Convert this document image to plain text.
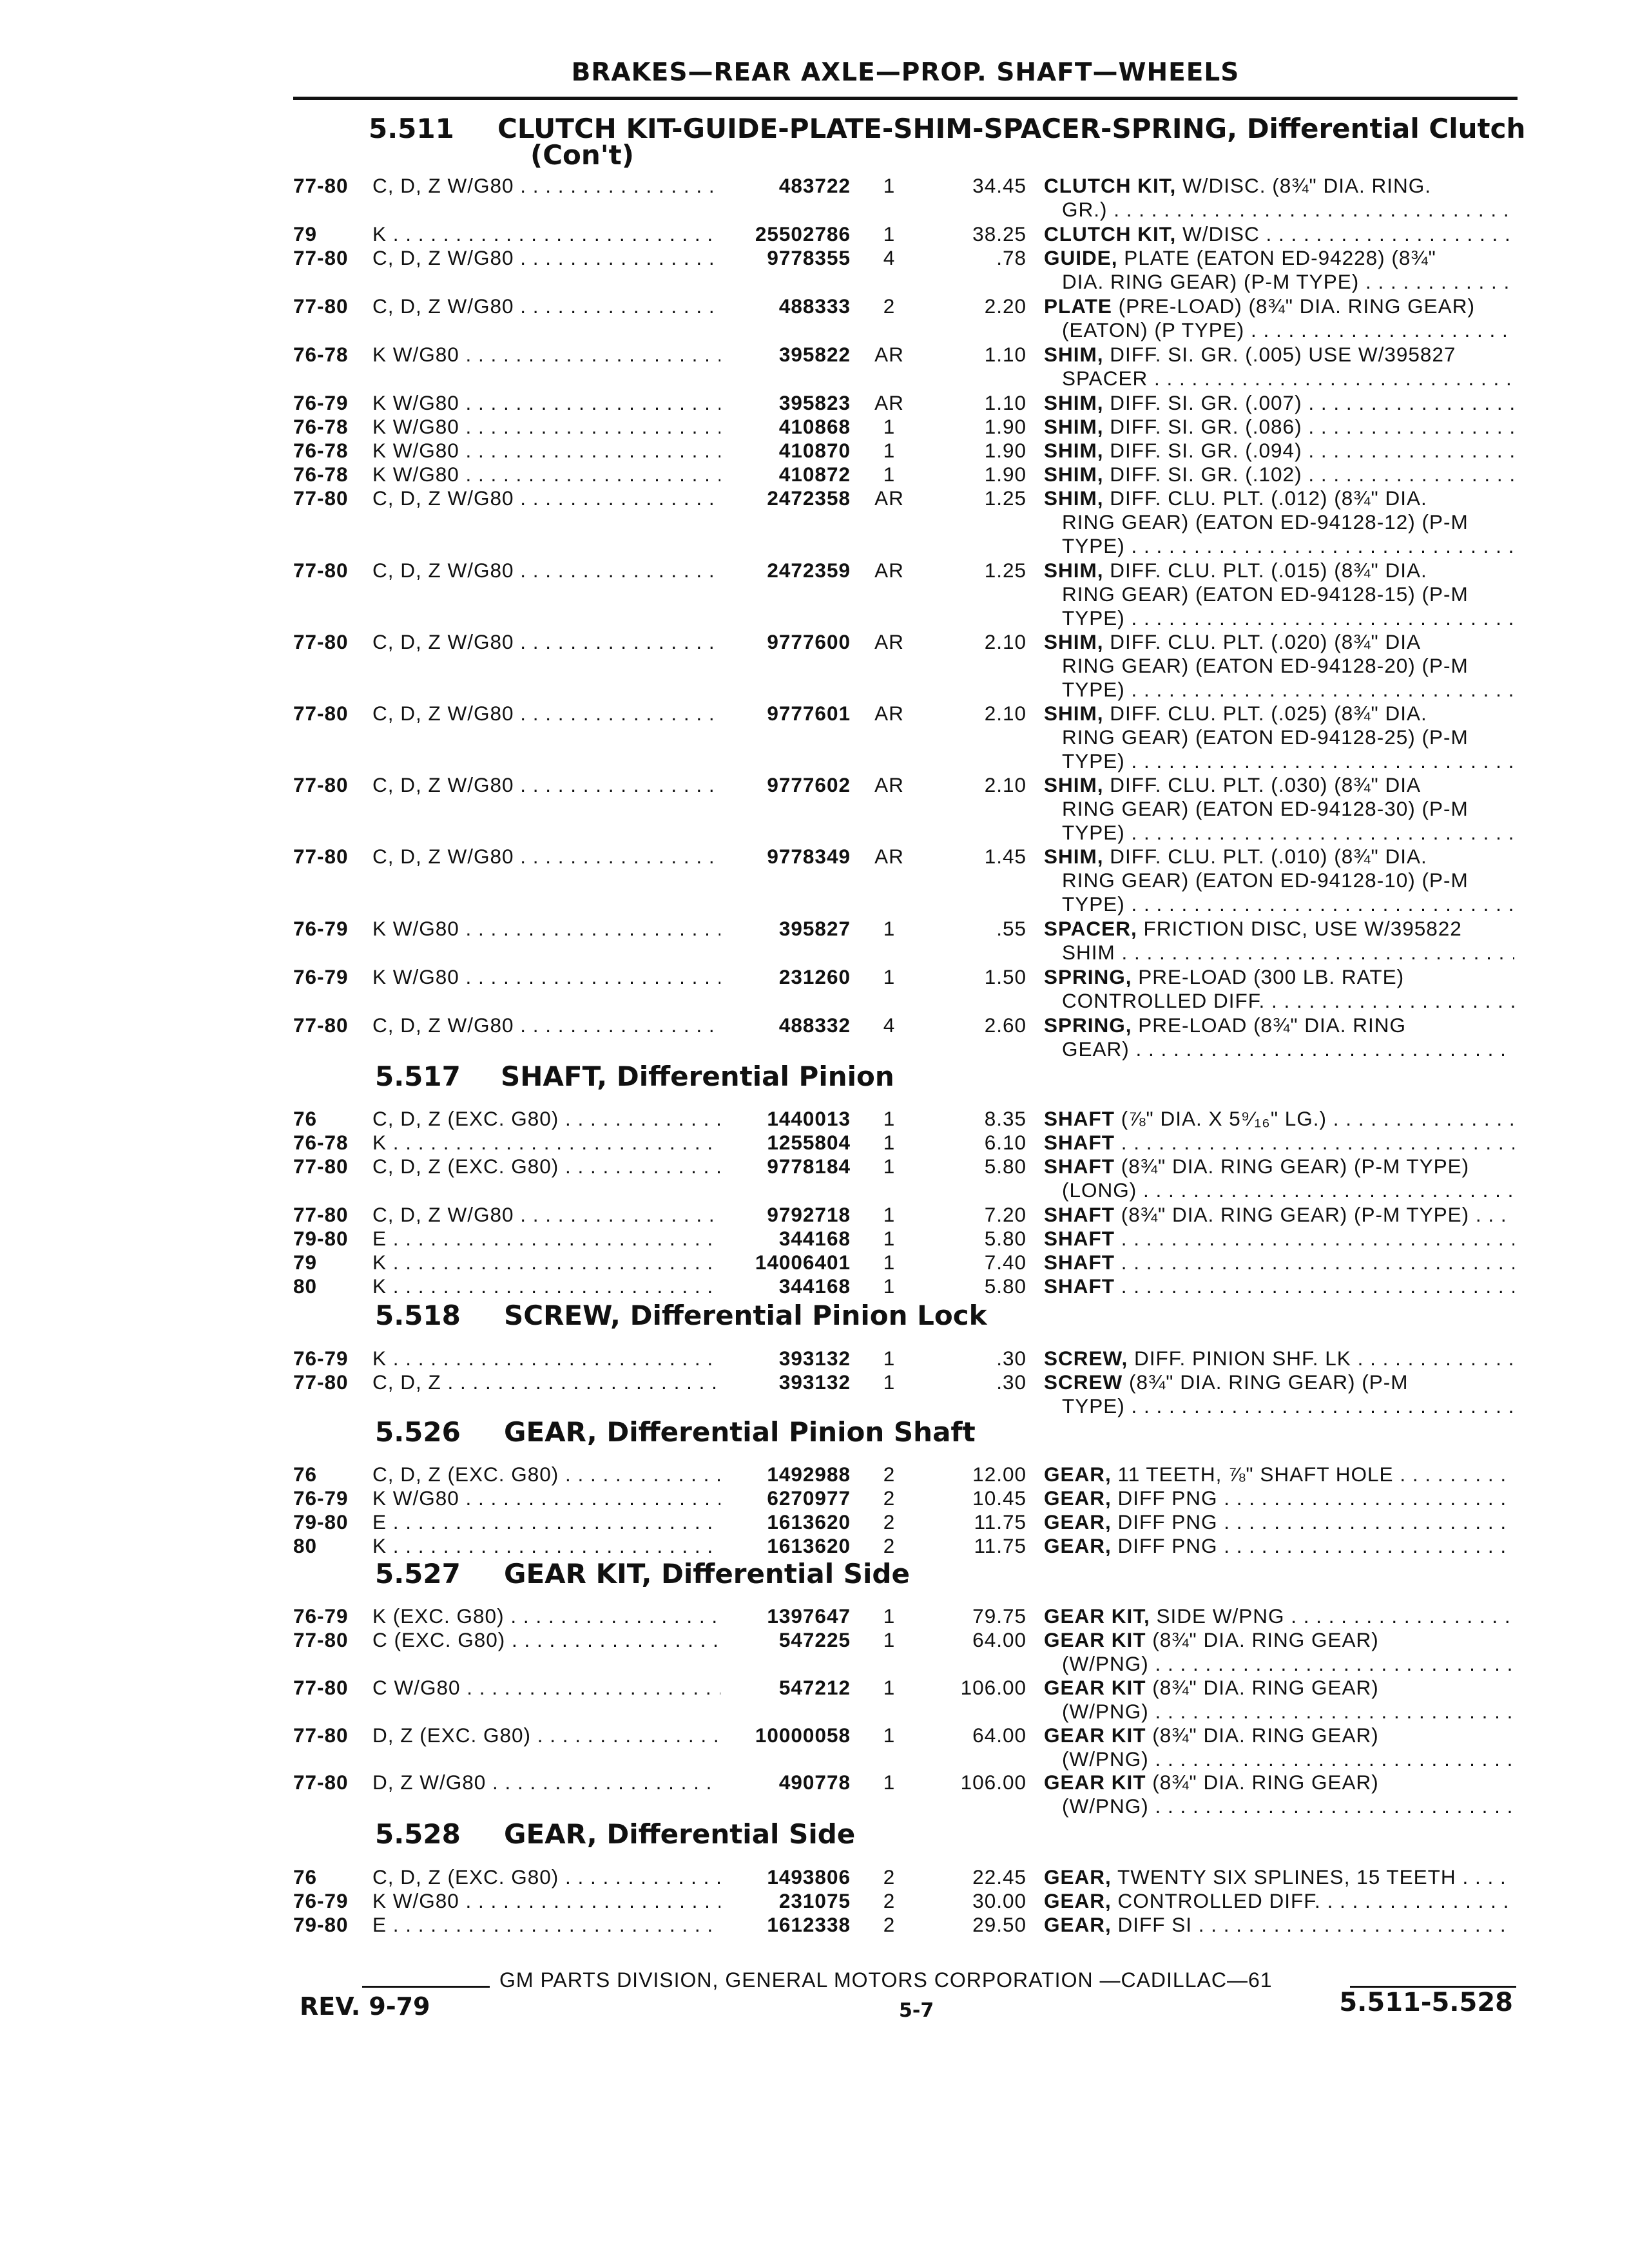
BRAKES—REAR AXLE—PROP. SHAFT—WHEELS
5.511 CLUTCH KIT-GUIDE-PLATE-SHIM-SPACER-SPRING, Differential Clutch
(Con't)
5.517 SHAFT, Differential Pinion
5.518 SCREW, Differential Pinion Lock
5.526 GEAR, Differential Pinion Shaft
5.527 GEAR KIT, Differential Side
5.528 GEAR, Differential Side
77-80 C, D, Z W/G80 . . .	483722	1	34.45 CLUTCH KIT, W/DISC. (8¾" DIA. RING.
GR.) . . .
79	K . . .	25502786	1	38.25 CLUTCH KIT, W/DISC . . .
77-80 C, D, Z W/G80 . . .	9778355	4	.78 GUIDE, PLATE (EATON ED-94228) (8¾"
DIA. RING GEAR) (P-M TYPE) . . .
77-80 C, D, Z W/G80 . . .	488333	2	2.20 PLATE (PRE-LOAD) (8¾" DIA. RING GEAR)
(EATON) (P TYPE) . . .
76-78 K W/G80 . . .	395822	AR	1.10 SHIM, DIFF. SI. GR. (.005) USE W/395827
SPACER . . .
76-79 K W/G80 . . .	395823	AR	1.10 SHIM, DIFF. SI. GR. (.007) . . .
76-78 K W/G80 . . .	410868	1	1.90 SHIM, DIFF. SI. GR. (.086) . . .
76-78 K W/G80 . . .	410870	1	1.90 SHIM, DIFF. SI. GR. (.094) . . .
76-78 K W/G80 . . .	410872	1	1.90 SHIM, DIFF. SI. GR. (.102) . . .
77-80 C, D, Z W/G80 . . .	2472358	AR	1.25 SHIM, DIFF. CLU. PLT. (.012) (8¾" DIA.
RING GEAR) (EATON ED-94128-12) (P-M
TYPE) . . .
77-80 C, D, Z W/G80 . . .	2472359	AR	1.25 SHIM, DIFF. CLU. PLT. (.015) (8¾" DIA.
RING GEAR) (EATON ED-94128-15) (P-M
TYPE) . . .
77-80 C, D, Z W/G80 . . .	9777600	AR	2.10 SHIM, DIFF. CLU. PLT. (.020) (8¾" DIA
RING GEAR) (EATON ED-94128-20) (P-M
TYPE) . . .
77-80 C, D, Z W/G80 . . .	9777601	AR	2.10 SHIM, DIFF. CLU. PLT. (.025) (8¾" DIA.
RING GEAR) (EATON ED-94128-25) (P-M
TYPE) . . .
77-80 C, D, Z W/G80 . . .	9777602	AR	2.10 SHIM, DIFF. CLU. PLT. (.030) (8¾" DIA
RING GEAR) (EATON ED-94128-30) (P-M
TYPE) . . .
77-80 C, D, Z W/G80 . . .	9778349	AR	1.45 SHIM, DIFF. CLU. PLT. (.010) (8¾" DIA.
RING GEAR) (EATON ED-94128-10) (P-M
TYPE) . . .
76-79 K W/G80 . . .	395827	1	.55 SPACER, FRICTION DISC, USE W/395822
SHIM . . .
76-79 K W/G80 . . .	231260	1	1.50 SPRING, PRE-LOAD (300 LB. RATE)
CONTROLLED DIFF. . . .
77-80 C, D, Z W/G80 . . .	488332	4	2.60 SPRING, PRE-LOAD (8¾" DIA. RING
GEAR) . . .
76	C, D, Z (EXC. G80) . . .	1440013	1	8.35 SHAFT (⅞" DIA. X 5⁹⁄₁₆" LG.) . . .
76-78 K . . .	1255804	1	6.10 SHAFT . . .
77-80 C, D, Z (EXC. G80) . . .	9778184	1	5.80 SHAFT (8¾" DIA. RING GEAR) (P-M TYPE)
(LONG) . . .
77-80 C, D, Z W/G80 . . .	9792718	1	7.20 SHAFT (8¾" DIA. RING GEAR) (P-M TYPE) . . .
79-80 E . . .	344168	1	5.80 SHAFT . . .
79	K . . .	14006401	1	7.40 SHAFT . . .
80	K . . .	344168	1	5.80 SHAFT . . .
76-79 K . . .	393132	1	.30 SCREW, DIFF. PINION SHF. LK . . .
77-80 C, D, Z . . .	393132	1	.30 SCREW (8¾" DIA. RING GEAR) (P-M
TYPE) . . .
76	C, D, Z (EXC. G80) . . .	1492988	2	12.00 GEAR, 11 TEETH, ⅞" SHAFT HOLE . . .
76-79 K W/G80 . . .	6270977	2	10.45 GEAR, DIFF PNG . . .
79-80 E . . .	1613620	2	11.75 GEAR, DIFF PNG . . .
80	K . . .	1613620	2	11.75 GEAR, DIFF PNG . . .
76-79 K (EXC. G80) . . .	1397647	1	79.75 GEAR KIT, SIDE W/PNG . . .
77-80 C (EXC. G80) . . .	547225	1	64.00 GEAR KIT (8¾" DIA. RING GEAR)
(W/PNG) . . .
77-80 C W/G80 . . .	547212	1	106.00 GEAR KIT (8¾" DIA. RING GEAR)
(W/PNG) . . .
77-80 D, Z (EXC. G80) . . .	10000058	1	64.00 GEAR KIT (8¾" DIA. RING GEAR)
(W/PNG) . . .
77-80 D, Z W/G80 . . .	490778	1	106.00 GEAR KIT (8¾" DIA. RING GEAR)
(W/PNG) . . .
76	C, D, Z (EXC. G80) . . .	1493806	2	22.45 GEAR, TWENTY SIX SPLINES, 15 TEETH . . .
76-79 K W/G80 . . .	231075	2	30.00 GEAR, CONTROLLED DIFF. . . .
79-80 E . . .	1612338	2	29.50 GEAR, DIFF SI . . .
GM PARTS DIVISION, GENERAL MOTORS CORPORATION —CADILLAC—61
REV. 9-79	5-7	5.511-5.528
